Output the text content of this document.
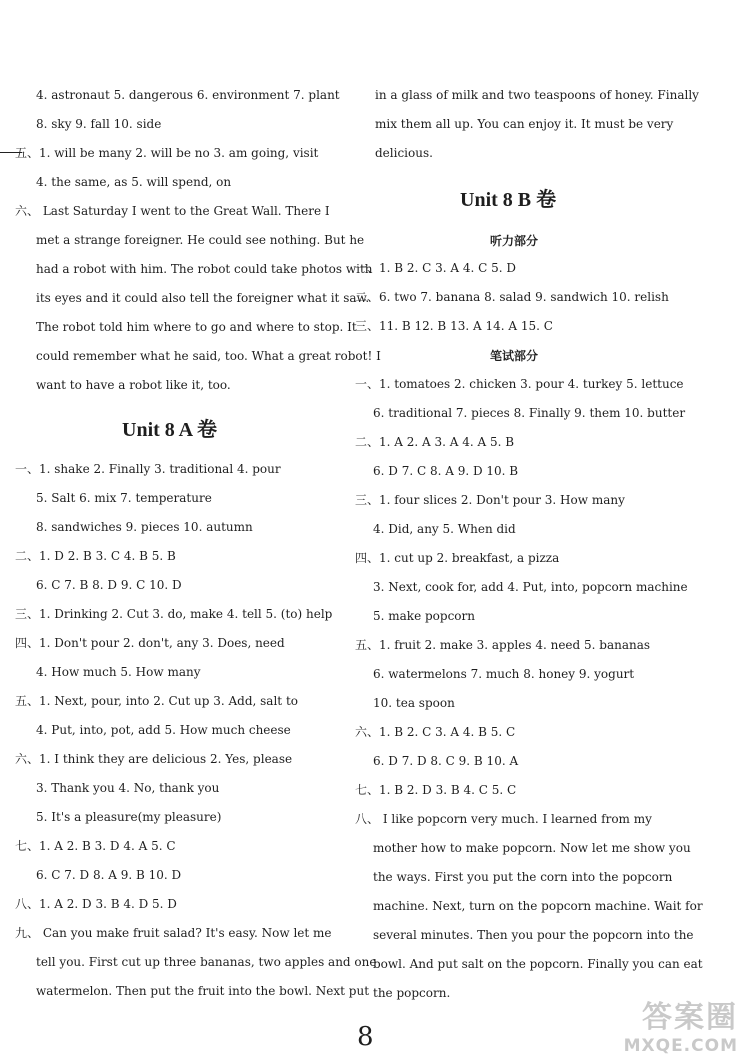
4. astronaut 5. dangerous 6. environment 7. plant
8. sky 9. fall 10. side
五、1. will be many 2. will be no 3. am going, visit
4. the same, as 5. will spend, on
六、 Last Saturday I went to the Great Wall. There I
met a strange foreigner. He could see nothing. But he
had a robot with him. The robot could take photos with
its eyes and it could also tell the foreigner what it saw.
The robot told him where to go and where to stop. It
could remember what he said, too. What a great robot! I
want to have a robot like it, too.
Unit 8 A 卷
一、1. shake 2. Finally 3. traditional 4. pour
5. Salt 6. mix 7. temperature
8. sandwiches 9. pieces 10. autumn
二、1. D 2. B 3. C 4. B 5. B
6. C 7. B 8. D 9. C 10. D
三、1. Drinking 2. Cut 3. do, make 4. tell 5. (to) help
四、1. Don't pour 2. don't, any 3. Does, need
4. How much 5. How many
五、1. Next, pour, into 2. Cut up 3. Add, salt to
4. Put, into, pot, add 5. How much cheese
六、1. I think they are delicious 2. Yes, please
3. Thank you 4. No, thank you
5. It's a pleasure(my pleasure)
七、1. A 2. B 3. D 4. A 5. C
6. C 7. D 8. A 9. B 10. D
八、1. A 2. D 3. B 4. D 5. D
九、 Can you make fruit salad? It's easy. Now let me
tell you. First cut up three bananas, two apples and one
watermelon. Then put the fruit into the bowl. Next put
in a glass of milk and two teaspoons of honey. Finally
mix them all up. You can enjoy it. It must be very
delicious.
Unit 8 B 卷
听力部分
一、1. B 2. C 3. A 4. C 5. D
二、6. two 7. banana 8. salad 9. sandwich 10. relish
三、11. B 12. B 13. A 14. A 15. C
笔试部分
一、1. tomatoes 2. chicken 3. pour 4. turkey 5. lettuce
6. traditional 7. pieces 8. Finally 9. them 10. butter
二、1. A 2. A 3. A 4. A 5. B
6. D 7. C 8. A 9. D 10. B
三、1. four slices 2. Don't pour 3. How many
4. Did, any 5. When did
四、1. cut up 2. breakfast, a pizza
3. Next, cook for, add 4. Put, into, popcorn machine
5. make popcorn
五、1. fruit 2. make 3. apples 4. need 5. bananas
6. watermelons 7. much 8. honey 9. yogurt
10. tea spoon
六、1. B 2. C 3. A 4. B 5. C
6. D 7. D 8. C 9. B 10. A
七、1. B 2. D 3. B 4. C 5. C
八、 I like popcorn very much. I learned from my
mother how to make popcorn. Now let me show you
the ways. First you put the corn into the popcorn
machine. Next, turn on the popcorn machine. Wait for
several minutes. Then you pour the popcorn into the
bowl. And put salt on the popcorn. Finally you can eat
the popcorn.
8
答案圈
MXQE.COM
